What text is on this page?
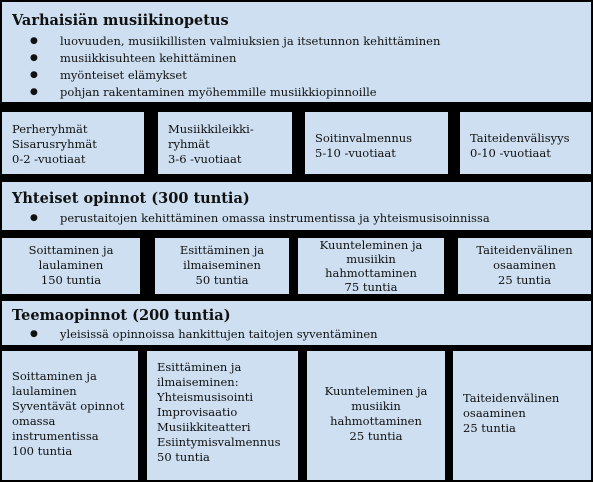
Varhaisiän musiikinopetus
● luovuuden, musiikillisten valmiuksien ja itsetunnon kehittäminen
● musiikkisuhteen kehittäminen
● myönteiset elämykset
● pohjan rakentaminen myöhemmille musiikkiopinnoille
Perheryhmät
Sisarusryhmät
0-2 -vuotiaat
Musiikkileikki-
ryhmät
3-6 -vuotiaat
Soitinvalmennus
5-10 -vuotiaat
Taiteidenvälisyys
0-10 -vuotiaat
Yhteiset opinnot (300 tuntia)
● perustaitojen kehittäminen omassa instrumentissa ja yhteismusisoinnissa
Soittaminen ja
laulaminen
150 tuntia
Esittäminen ja
ilmaiseminen
50 tuntia
Kuunteleminen ja
musiikin
hahmottaminen
75 tuntia
Taiteidenvälinen
osaaminen
25 tuntia
Teemaopinnot (200 tuntia)
● yleisissä opinnoissa hankittujen taitojen syventäminen
Soittaminen ja
laulaminen
Syventävät opinnot
omassa
instrumentissa
100 tuntia
Esittäminen ja
ilmaiseminen:
Yhteismusisointi
Improvisaatio
Musiikkiteatteri
Esiintymisvalmennus
50 tuntia
Kuunteleminen ja
musiikin
hahmottaminen
25 tuntia
Taiteidenvälinen
osaaminen
25 tuntia
